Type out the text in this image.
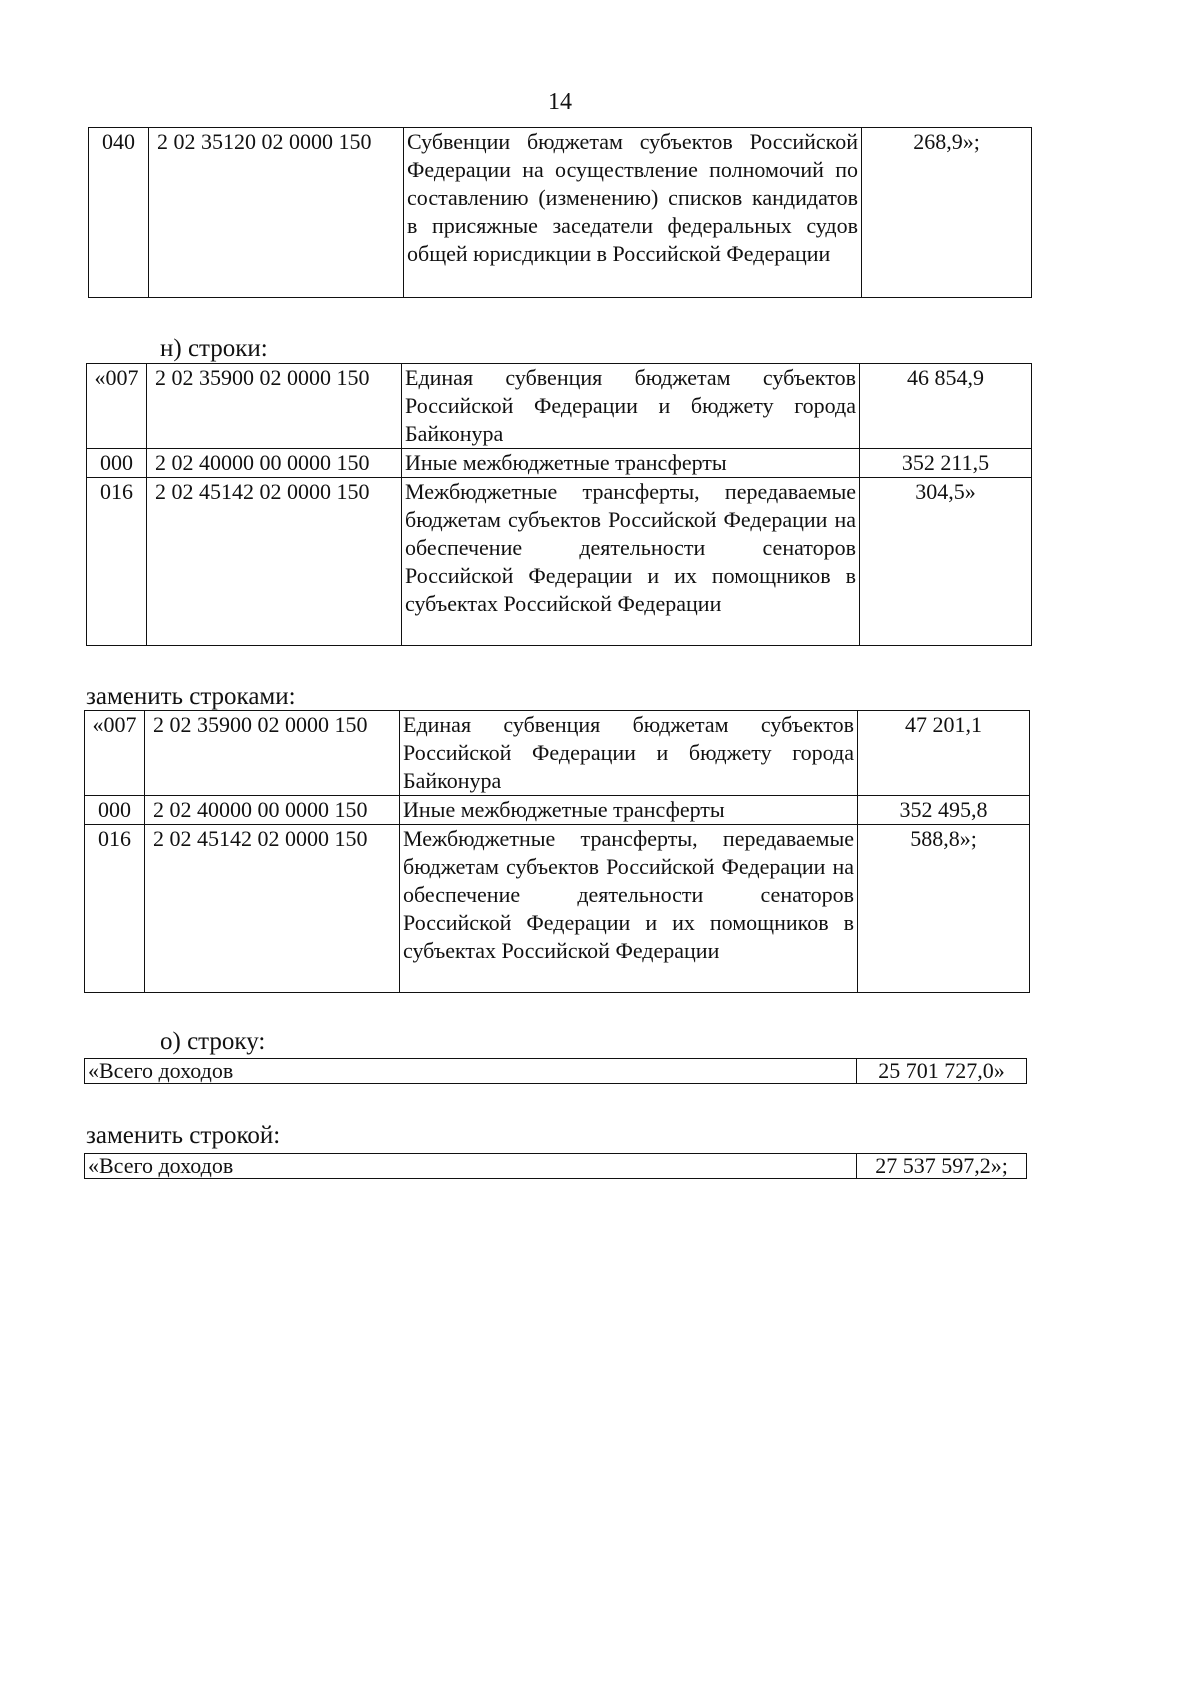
14
040	2 02 35120 02 0000 150	Субвенции бюджетам субъектов Российской Федерации на осуществление полномочий по составлению (изменению) списков кандидатов в присяжные заседатели федеральных судов общей юрисдикции в Российской Федерации	268,9»;
н) строки:
«007	2 02 35900 02 0000 150	Единая субвенция бюджетам субъектов Российской Федерации и бюджету города Байконура	46 854,9
000	2 02 40000 00 0000 150	Иные межбюджетные трансферты	352 211,5
016	2 02 45142 02 0000 150	Межбюджетные трансферты, передаваемые бюджетам субъектов Российской Федерации на обеспечение деятельности сенаторов Российской Федерации и их помощников в субъектах Российской Федерации	304,5»
заменить строками:
«007	2 02 35900 02 0000 150	Единая субвенция бюджетам субъектов Российской Федерации и бюджету города Байконура	47 201,1
000	2 02 40000 00 0000 150	Иные межбюджетные трансферты	352 495,8
016	2 02 45142 02 0000 150	Межбюджетные трансферты, передаваемые бюджетам субъектов Российской Федерации на обеспечение деятельности сенаторов Российской Федерации и их помощников в субъектах Российской Федерации	588,8»;
о) строку:
«Всего доходов	25 701 727,0»
заменить строкой:
«Всего доходов	27 537 597,2»;
